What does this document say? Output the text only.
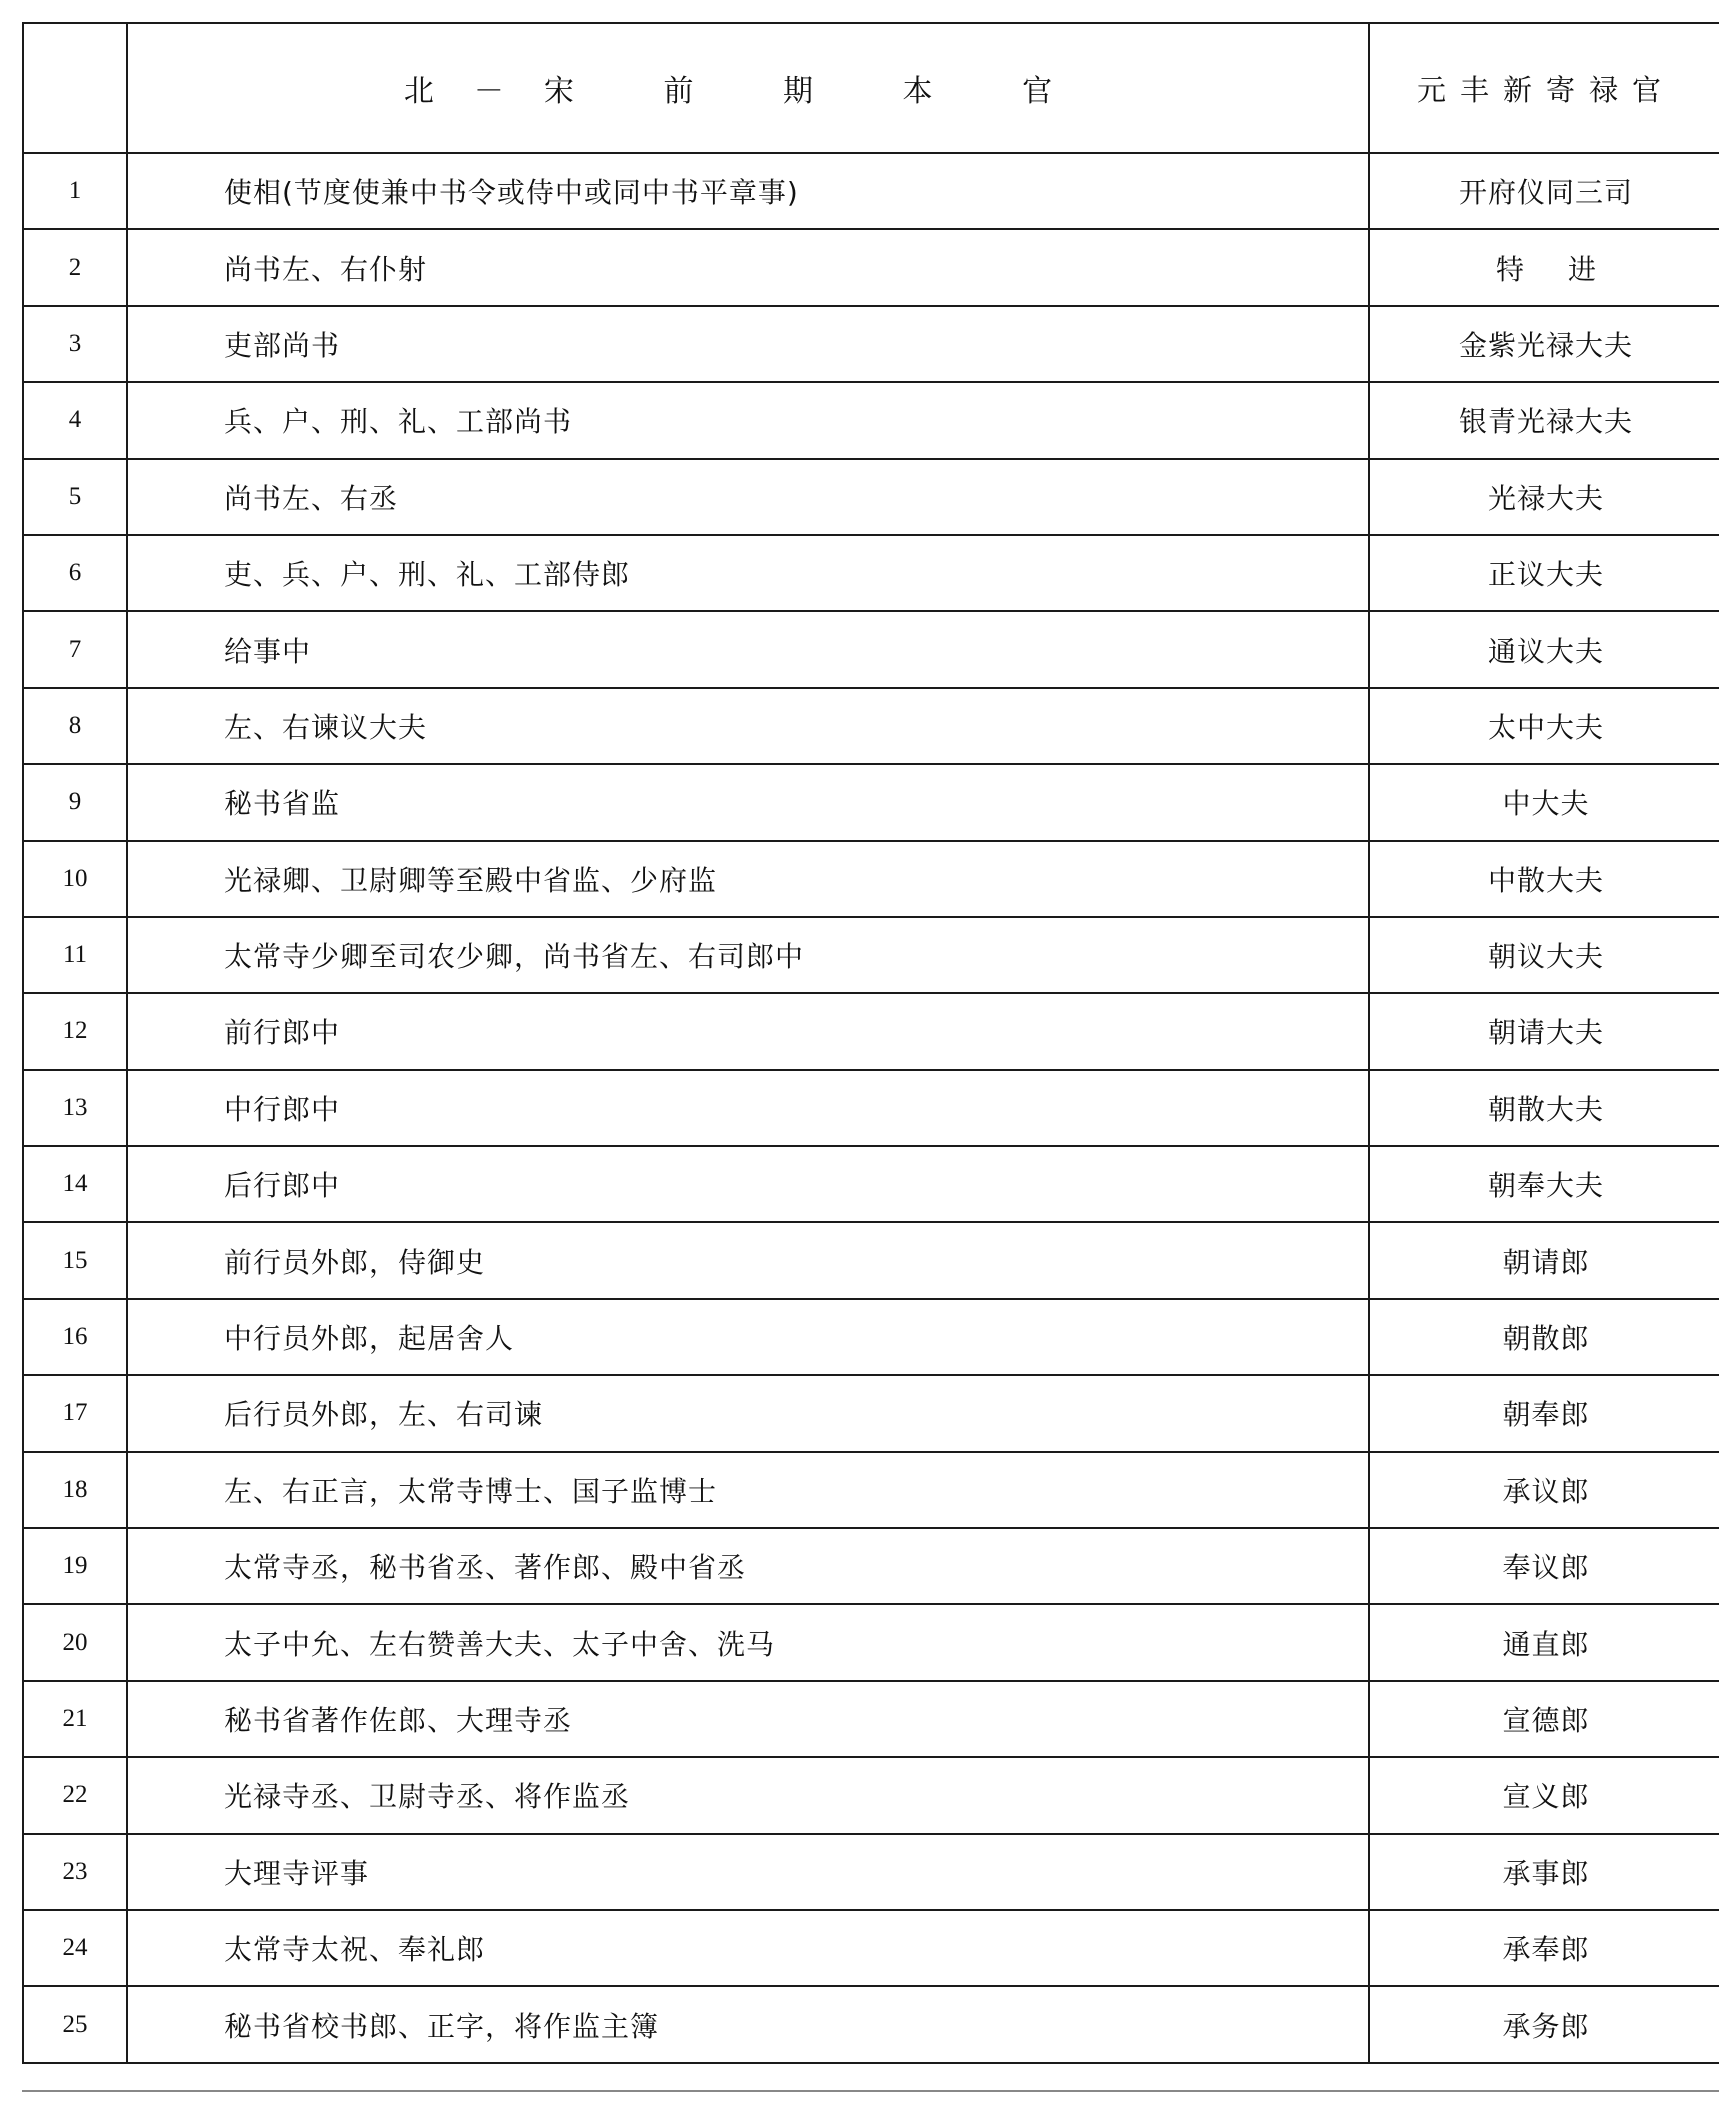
	北－宋 前 期 本 官	元丰新寄禄官
1	使相(节度使兼中书令或侍中或同中书平章事)	开府仪同三司
2	尚书左、右仆射	特进
3	吏部尚书	金紫光禄大夫
4	兵、户、刑、礼、工部尚书	银青光禄大夫
5	尚书左、右丞	光禄大夫
6	吏、兵、户、刑、礼、工部侍郎	正议大夫
7	给事中	通议大夫
8	左、右谏议大夫	太中大夫
9	秘书省监	中大夫
10	光禄卿、卫尉卿等至殿中省监、少府监	中散大夫
11	太常寺少卿至司农少卿，尚书省左、右司郎中	朝议大夫
12	前行郎中	朝请大夫
13	中行郎中	朝散大夫
14	后行郎中	朝奉大夫
15	前行员外郎，侍御史	朝请郎
16	中行员外郎，起居舍人	朝散郎
17	后行员外郎，左、右司谏	朝奉郎
18	左、右正言，太常寺博士、国子监博士	承议郎
19	太常寺丞，秘书省丞、著作郎、殿中省丞	奉议郎
20	太子中允、左右赞善大夫、太子中舍、洗马	通直郎
21	秘书省著作佐郎、大理寺丞	宣德郎
22	光禄寺丞、卫尉寺丞、将作监丞	宣义郎
23	大理寺评事	承事郎
24	太常寺太祝、奉礼郎	承奉郎
25	秘书省校书郎、正字，将作监主簿	承务郎
